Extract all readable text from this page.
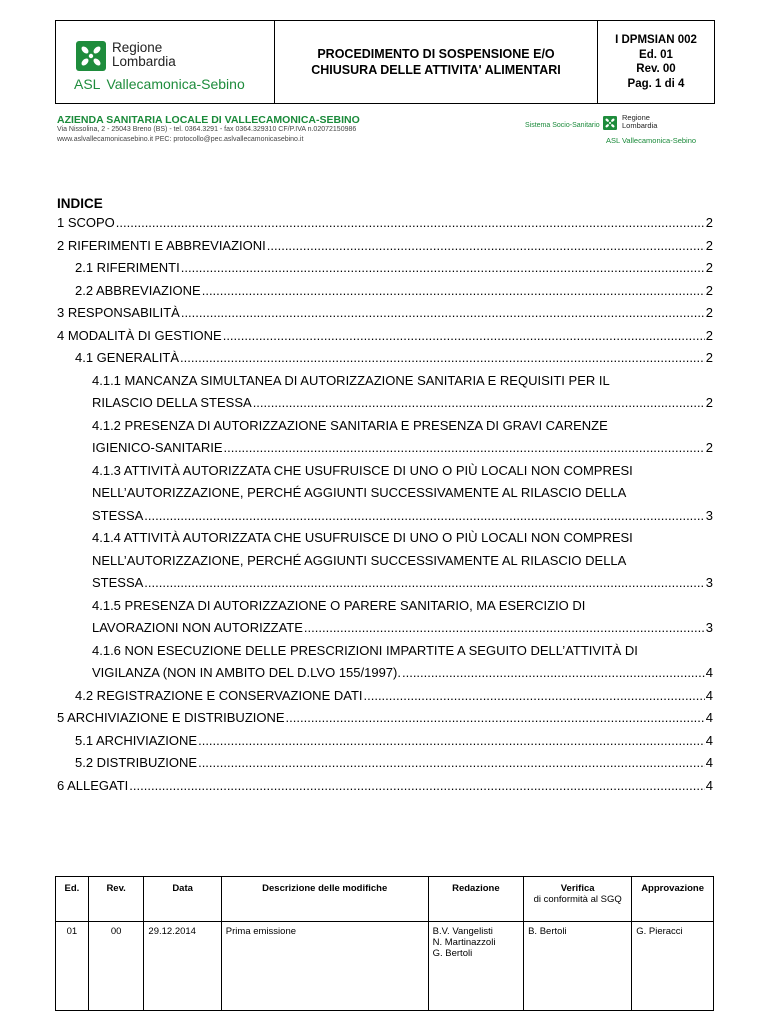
Regione
Lombardia
ASL Vallecamonica-Sebino
PROCEDIMENTO DI SOSPENSIONE E/O
CHIUSURA DELLE ATTIVITA' ALIMENTARI
I DPMSIAN 002
Ed. 01
Rev. 00
Pag. 1 di 4
AZIENDA SANITARIA LOCALE DI VALLECAMONICA-SEBINO
Via Nissolina, 2 - 25043 Breno (BS) - tel. 0364.3291 - fax 0364.329310 CF/P.IVA n.02072150986
www.aslvallecamonicasebino.it PEC: protocollo@pec.aslvallecamonicasebino.it
Sistema Socio-Sanitario
Regione
Lombardia
ASL Vallecamonica-Sebino
INDICE
1 SCOPO .....	2
2 RIFERIMENTI E ABBREVIAZIONI .....	2
2.1 RIFERIMENTI .....	2
2.2 ABBREVIAZIONE .....	2
3 RESPONSABILITÀ .....	2
4 MODALITÀ DI GESTIONE .....	2
4.1 GENERALITÀ .....	2
4.1.1 MANCANZA SIMULTANEA DI AUTORIZZAZIONE SANITARIA E REQUISITI PER IL
RILASCIO DELLA STESSA .....	2
4.1.2 PRESENZA DI AUTORIZZAZIONE SANITARIA E PRESENZA DI GRAVI CARENZE
IGIENICO-SANITARIE .....	2
4.1.3 ATTIVITÀ AUTORIZZATA CHE USUFRUISCE DI UNO O PIÙ LOCALI NON COMPRESI
NELL’AUTORIZZAZIONE, PERCHÉ AGGIUNTI SUCCESSIVAMENTE AL RILASCIO DELLA
STESSA .....	3
4.1.4 ATTIVITÀ AUTORIZZATA CHE USUFRUISCE DI UNO O PIÙ LOCALI NON COMPRESI
NELL’AUTORIZZAZIONE, PERCHÉ AGGIUNTI SUCCESSIVAMENTE AL RILASCIO DELLA
STESSA .....	3
4.1.5 PRESENZA DI AUTORIZZAZIONE O PARERE SANITARIO, MA ESERCIZIO DI
LAVORAZIONI NON AUTORIZZATE .....	3
4.1.6 NON ESECUZIONE DELLE PRESCRIZIONI IMPARTITE A SEGUITO DELL’ATTIVITÀ DI
VIGILANZA (NON IN AMBITO DEL D.LVO 155/1997). .....	4
4.2 REGISTRAZIONE E CONSERVAZIONE DATI .....	4
5 ARCHIVIAZIONE E DISTRIBUZIONE .....	4
5.1 ARCHIVIAZIONE .....	4
5.2 DISTRIBUZIONE .....	4
6 ALLEGATI .....	4
Ed.	Rev.	Data	Descrizione delle modifiche	Redazione	Verifica
di conformità al SGQ	Approvazione
01	00	29.12.2014	Prima emissione	B.V. Vangelisti
N. Martinazzoli
G. Bertoli	B. Bertoli	G. Pieracci
